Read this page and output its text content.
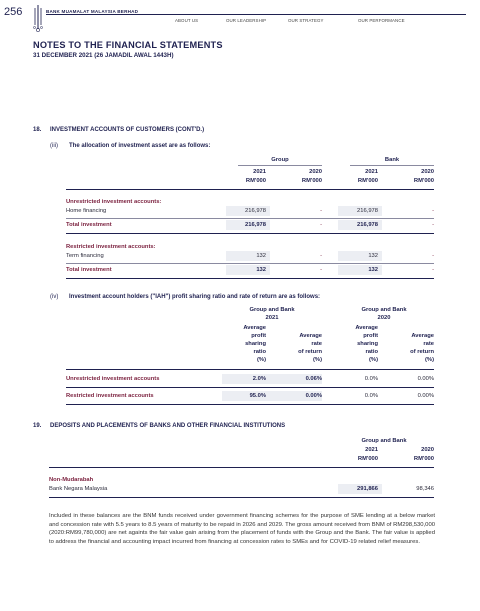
256	BANK MUAMALAT MALAYSIA BERHAD
ABOUT US	OUR LEADERSHIP	OUR STRATEGY	OUR PERFORMANCE
NOTES TO THE FINANCIAL STATEMENTS
31 DECEMBER 2021 (26 JAMADIL AWAL 1443H)
18. INVESTMENT ACCOUNTS OF CUSTOMERS (CONT'D.)
(iii) The allocation of investment asset are as follows:
Group	Bank
2021	2020	2021	2020
RM'000	RM'000	RM'000	RM'000
Unrestricted investment accounts:
Home financing	216,978	-	216,978	-
Total investment	216,978	-	216,978	-
Restricted investment accounts:
Term financing	132	-	132	-
Total investment	132	-	132	-
(iv) Investment account holders ("IAH") profit sharing ratio and rate of return are as follows:
Group and Bank
2021
Group and Bank
2020
Average
profit
sharing
ratio
(%)
Average
rate
of return
(%)
Average
profit
sharing
ratio
(%)
Average
rate
of return
(%)
Unrestricted investment accounts	2.0%	0.06%	0.0%	0.00%
Restricted investment accounts	95.0%	0.00%	0.0%	0.00%
19. DEPOSITS AND PLACEMENTS OF BANKS AND OTHER FINANCIAL INSTITUTIONS
Group and Bank
2021	2020
RM'000	RM'000
Non-Mudarabah
Bank Negara Malaysia	291,866	98,346
Included in these balances are the BNM funds received under government financing schemes for the purpose of SME lending at a below market and concession rate with 5.5 years to 8.5 years of maturity to be repaid in 2026 and 2029. The gross amount received from BNM of RM298,530,000 (2020:RM99,780,000) are net againts the fair value gain arising from the placement of funds with the Group and the Bank. The fair value is applied to address the financial and accounting impact incurred from financing at concession rates to SMEs and for COVID-19 related relief measures.
